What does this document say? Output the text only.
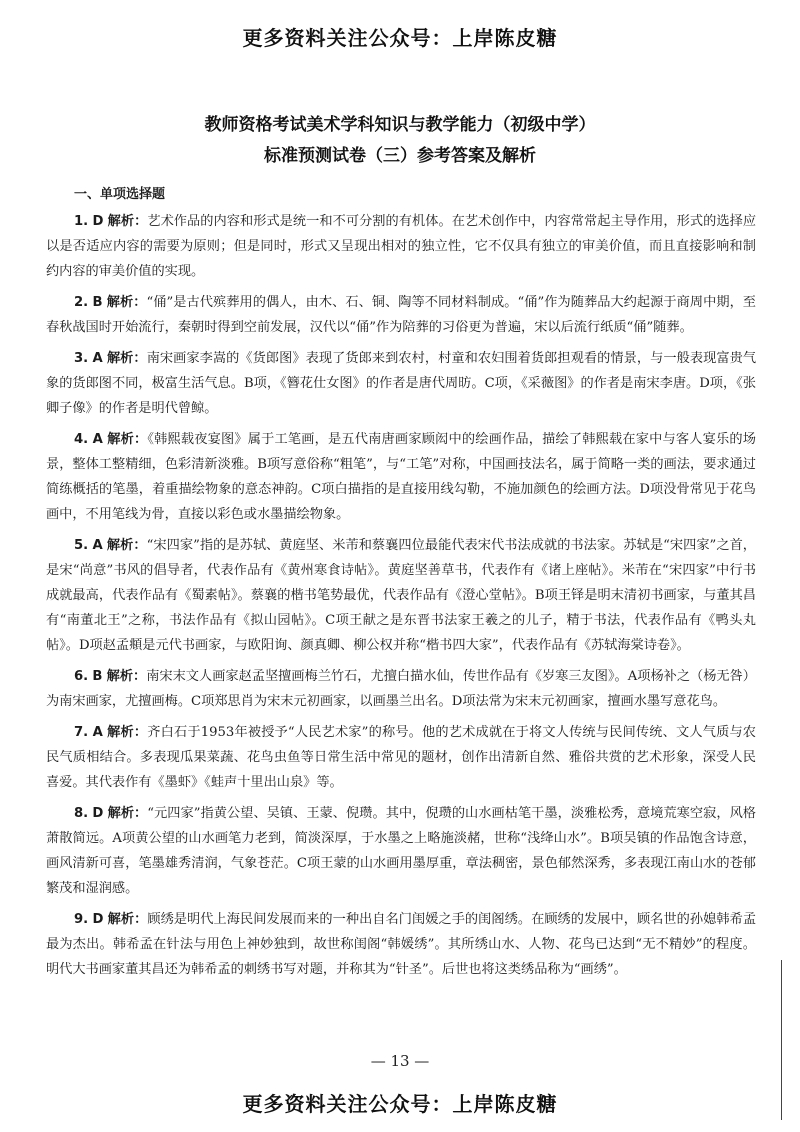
更多资料关注公众号：上岸陈皮糖
教师资格考试美术学科知识与教学能力（初级中学）
标准预测试卷（三）参考答案及解析
一、单项选择题

1. D 解析：艺术作品的内容和形式是统一和不可分割的有机体。在艺术创作中，内容常常起主导作用，形式的选择应以是否适应内容的需要为原则；但是同时，形式又呈现出相对的独立性，它不仅具有独立的审美价值，而且直接影响和制约内容的审美价值的实现。

2. B 解析：“俑”是古代殡葬用的偶人，由木、石、铜、陶等不同材料制成。“俑”作为随葬品大约起源于商周中期，至春秋战国时开始流行，秦朝时得到空前发展，汉代以“俑”作为陪葬的习俗更为普遍，宋以后流行纸质“俑”随葬。

3. A 解析：南宋画家李嵩的《货郎图》表现了货郎来到农村，村童和农妇围着货郎担观看的情景，与一般表现富贵气象的货郎图不同，极富生活气息。B项，《簪花仕女图》的作者是唐代周昉。C项，《采薇图》的作者是南宋李唐。D项，《张卿子像》的作者是明代曾鲸。

4. A 解析：《韩熙载夜宴图》属于工笔画，是五代南唐画家顾闳中的绘画作品，描绘了韩熙载在家中与客人宴乐的场景，整体工整精细，色彩清新淡雅。B项写意俗称“粗笔”，与“工笔”对称，中国画技法名，属于简略一类的画法，要求通过简练概括的笔墨，着重描绘物象的意态神韵。C项白描指的是直接用线勾勒，不施加颜色的绘画方法。D项没骨常见于花鸟画中，不用笔线为骨，直接以彩色或水墨描绘物象。

5. A 解析：“宋四家”指的是苏轼、黄庭坚、米芾和蔡襄四位最能代表宋代书法成就的书法家。苏轼是“宋四家”之首，是宋“尚意”书风的倡导者，代表作品有《黄州寒食诗帖》。黄庭坚善草书，代表作有《诸上座帖》。米芾在“宋四家”中行书成就最高，代表作品有《蜀素帖》。蔡襄的楷书笔势最优，代表作品有《澄心堂帖》。B项王铎是明末清初书画家，与董其昌有“南董北王”之称，书法作品有《拟山园帖》。C项王献之是东晋书法家王羲之的儿子，精于书法，代表作品有《鸭头丸帖》。D项赵孟頫是元代书画家，与欧阳询、颜真卿、柳公权并称“楷书四大家”，代表作品有《苏轼海棠诗卷》。

6. B 解析：南宋末文人画家赵孟坚擅画梅兰竹石，尤擅白描水仙，传世作品有《岁寒三友图》。A项杨补之（杨无咎）为南宋画家，尤擅画梅。C项郑思肖为宋末元初画家，以画墨兰出名。D项法常为宋末元初画家，擅画水墨写意花鸟。

7. A 解析：齐白石于1953年被授予“人民艺术家”的称号。他的艺术成就在于将文人传统与民间传统、文人气质与农民气质相结合。多表现瓜果菜蔬、花鸟虫鱼等日常生活中常见的题材，创作出清新自然、雅俗共赏的艺术形象，深受人民喜爱。其代表作有《墨虾》《蛙声十里出山泉》等。

8. D 解析：“元四家”指黄公望、吴镇、王蒙、倪瓒。其中，倪瓒的山水画枯笔干墨，淡雅松秀，意境荒寒空寂，风格萧散简远。A项黄公望的山水画笔力老到，简淡深厚，于水墨之上略施淡赭，世称“浅绛山水”。B项吴镇的作品饱含诗意，画风清新可喜，笔墨雄秀清润，气象苍茫。C项王蒙的山水画用墨厚重，章法稠密，景色郁然深秀，多表现江南山水的苍郁繁茂和湿润感。

9. D 解析：顾绣是明代上海民间发展而来的一种出自名门闺媛之手的闺阁绣。在顾绣的发展中，顾名世的孙媳韩希孟最为杰出。韩希孟在针法与用色上神妙独到，故世称闺阁“韩媛绣”。其所绣山水、人物、花鸟已达到“无不精妙”的程度。明代大书画家董其昌还为韩希孟的刺绣书写对题，并称其为“针圣”。后世也将这类绣品称为“画绣”。

— 13 —
更多资料关注公众号：上岸陈皮糖
